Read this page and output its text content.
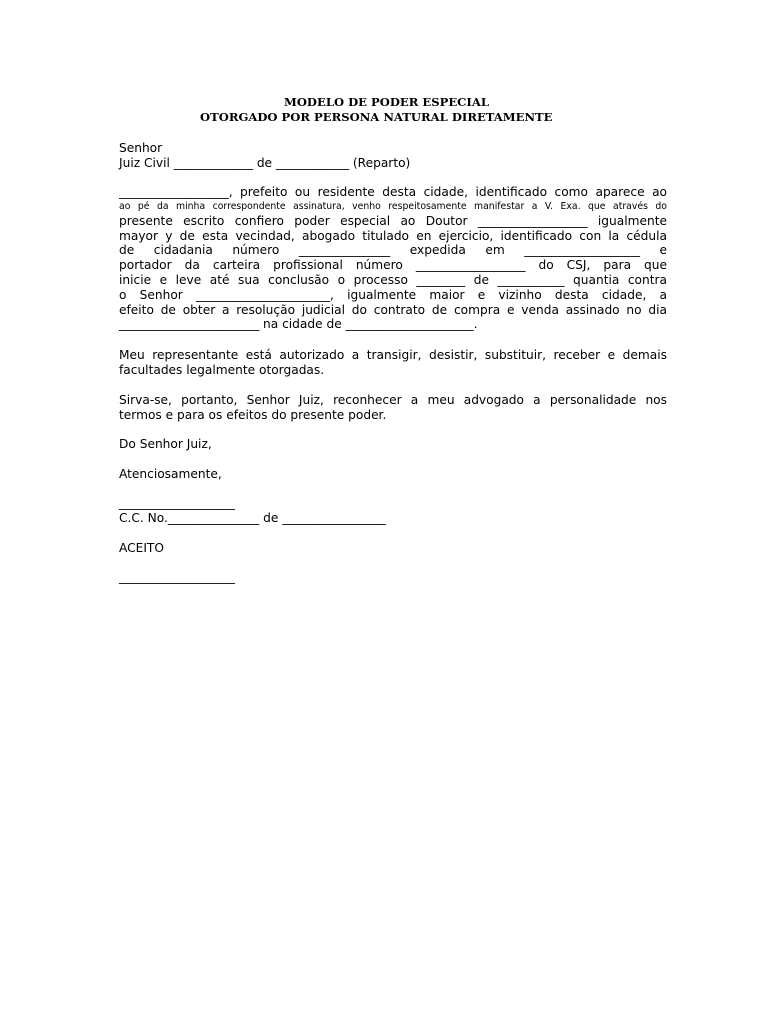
MODELO DE PODER ESPECIAL
OTORGADO POR PERSONA NATURAL DIRETAMENTE
Senhor
Juiz Civil _____________ de ____________ (Reparto)
__________________, prefeito ou residente desta cidade, identificado como aparece ao
ao pé da minha correspondente assinatura, venho respeitosamente manifestar a V. Exa. que através do
presente escrito confiero poder especial ao Doutor __________________ igualmente
mayor y de esta vecindad, abogado titulado en ejercicio, identificado con la cédula
de cidadania número _______________ expedida em ___________________ e
portador da carteira profissional número __________________ do CSJ, para que
inicie e leve até sua conclusão o processo ________ de ___________ quantia contra
o Senhor ______________________, igualmente maior e vizinho desta cidade, a
efeito de obter a resolução judicial do contrato de compra e venda assinado no dia
_______________________ na cidade de _____________________.
Meu representante está autorizado a transigir, desistir, substituir, receber e demais
facultades legalmente otorgadas.
Sirva-se, portanto, Senhor Juiz, reconhecer a meu advogado a personalidade nos
termos e para os efeitos do presente poder.
Do Senhor Juiz,
Atenciosamente,
___________________
C.C. No._______________ de _________________
ACEITO
___________________
